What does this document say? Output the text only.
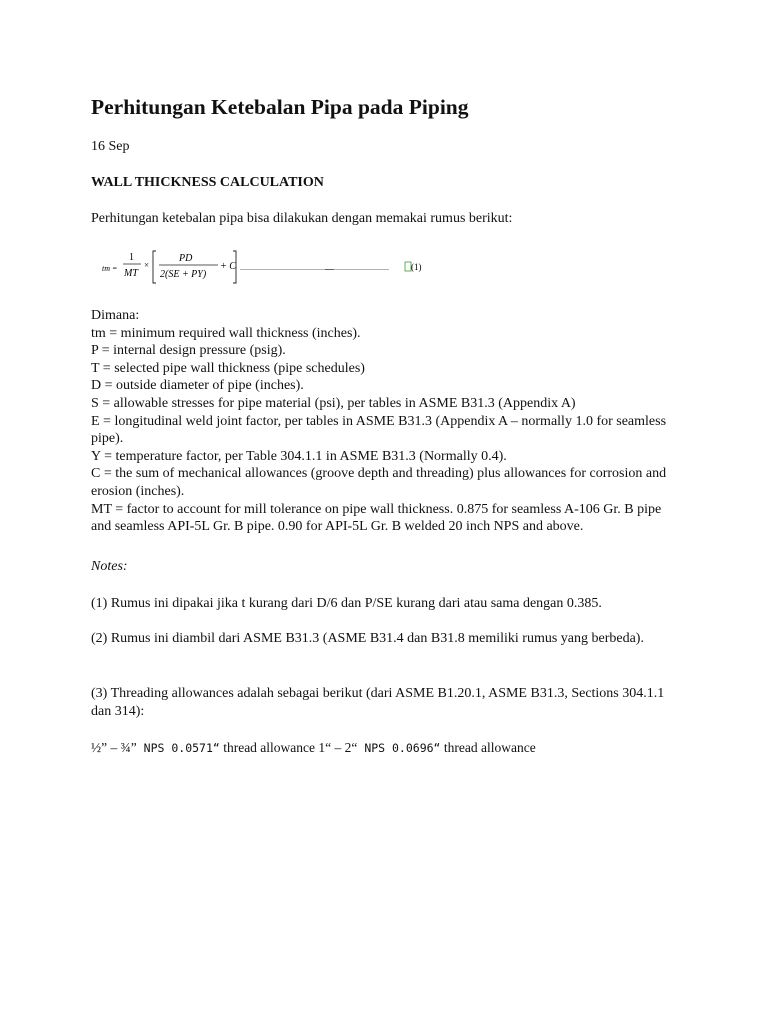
Perhitungan Ketebalan Pipa pada Piping
16 Sep
WALL THICKNESS CALCULATION
Perhitungan ketebalan pipa bisa dilakukan dengan memakai rumus berikut:
tm =
1
MT
×
PD
2(SE + PY)
+ C ...............................................
................................ (1)
Dimana:
tm = minimum required wall thickness (inches).
P = internal design pressure (psig).
T = selected pipe wall thickness (pipe schedules)
D = outside diameter of pipe (inches).
S = allowable stresses for pipe material (psi), per tables in ASME B31.3 (Appendix A)
E = longitudinal weld joint factor, per tables in ASME B31.3 (Appendix A – normally 1.0 for seamless pipe).
Y = temperature factor, per Table 304.1.1 in ASME B31.3 (Normally 0.4).
C = the sum of mechanical allowances (groove depth and threading) plus allowances for corrosion and erosion (inches).
MT = factor to account for mill tolerance on pipe wall thickness. 0.875 for seamless A-106 Gr. B pipe and seamless API-5L Gr. B pipe. 0.90 for API-5L Gr. B welded 20 inch NPS and above.
Notes:
(1) Rumus ini dipakai jika t kurang dari D/6 dan P/SE kurang dari atau sama dengan 0.385.
(2) Rumus ini diambil dari ASME B31.3 (ASME B31.4 dan B31.8 memiliki rumus yang berbeda).
(3) Threading allowances adalah sebagai berikut (dari ASME B1.20.1, ASME B31.3, Sections 304.1.1 dan 314):
½” – ¾” NPS 0.0571“ thread allowance 1“ – 2“ NPS 0.0696“ thread allowance
